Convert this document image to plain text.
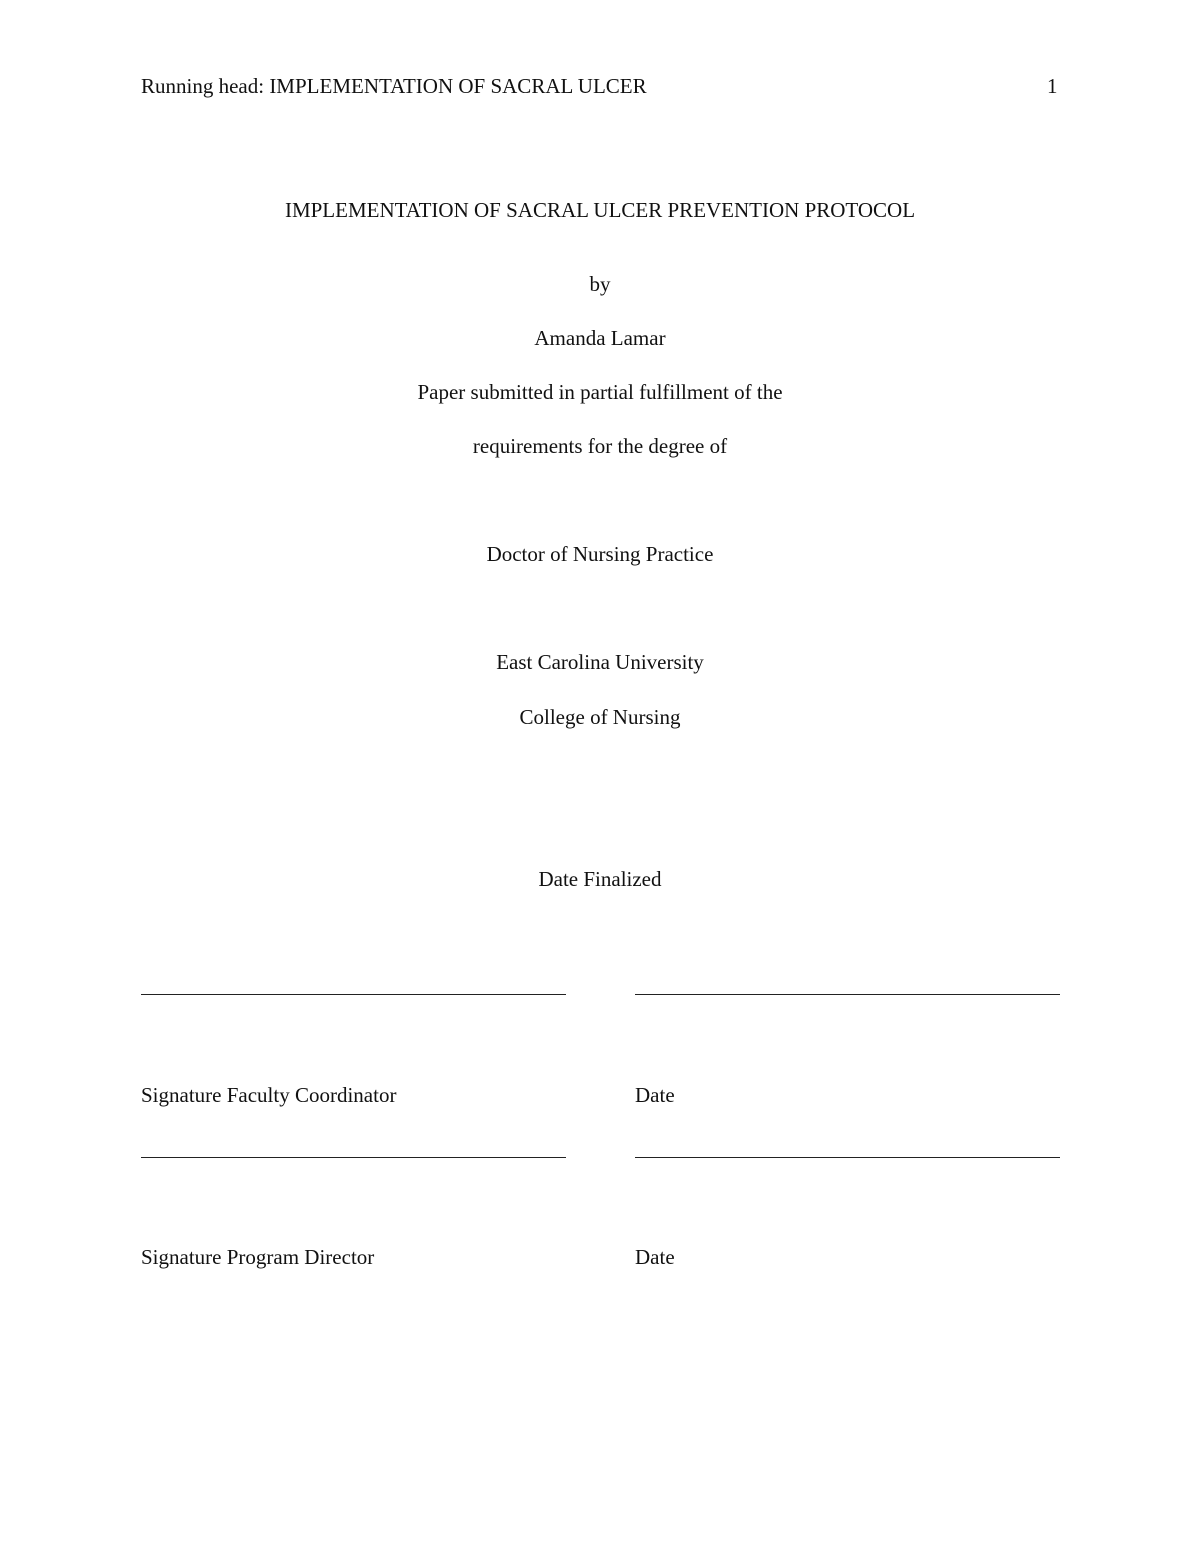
Running head: IMPLEMENTATION OF SACRAL ULCER	1
IMPLEMENTATION OF SACRAL ULCER PREVENTION PROTOCOL
by
Amanda Lamar
Paper submitted in partial fulfillment of the
requirements for the degree of
Doctor of Nursing Practice
East Carolina University
College of Nursing
Date Finalized
Signature Faculty Coordinator	Date
Signature Program Director	Date
